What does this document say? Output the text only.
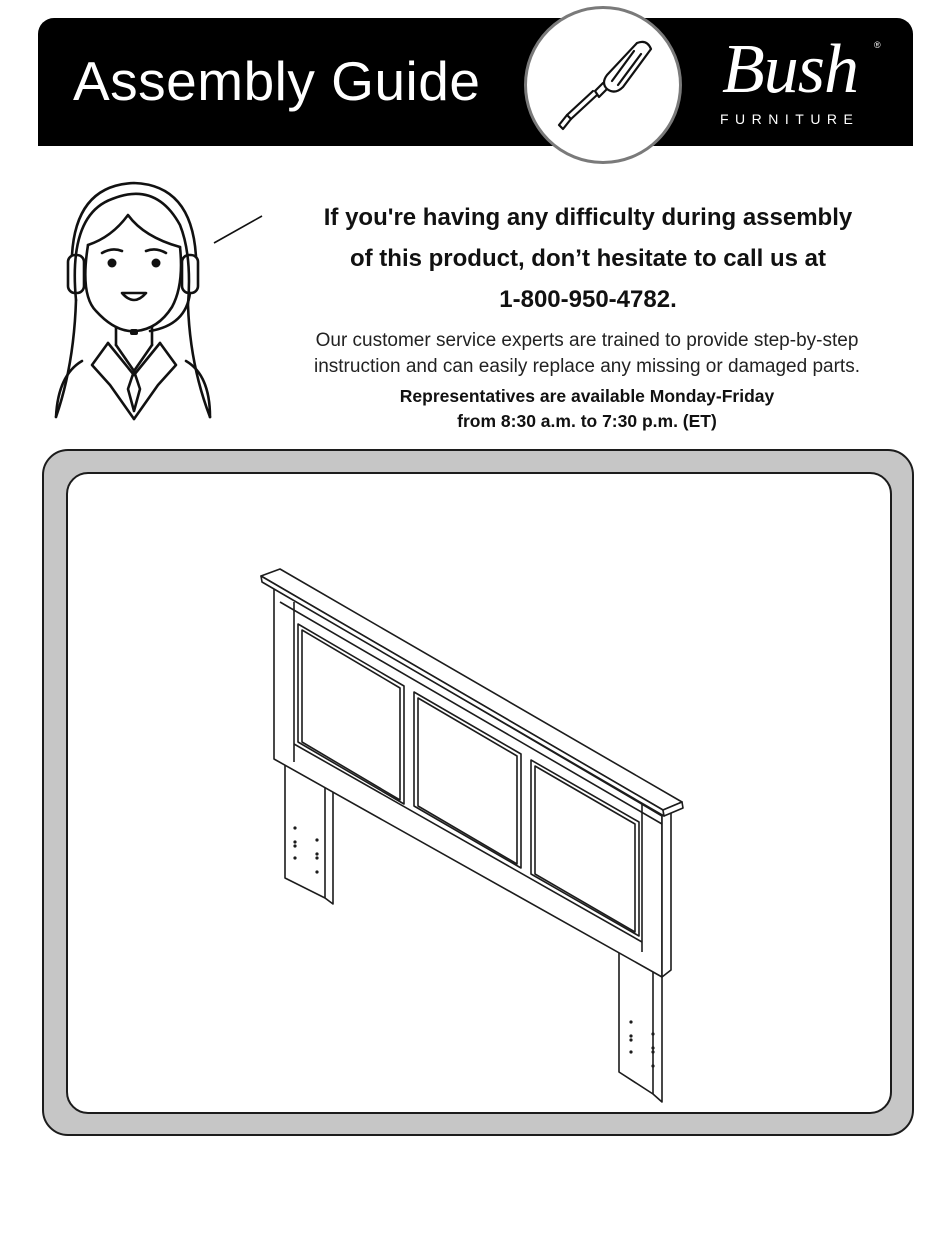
Assembly Guide	Bush ®
FURNITURE
If you're having any difficulty during assembly
of this product, don’t hesitate to call us at
1-800-950-4782.
Our customer service experts are trained to provide step-by-step
instruction and can easily replace any missing or damaged parts.
Representatives are available Monday-Friday
from 8:30 a.m. to 7:30 p.m. (ET)
